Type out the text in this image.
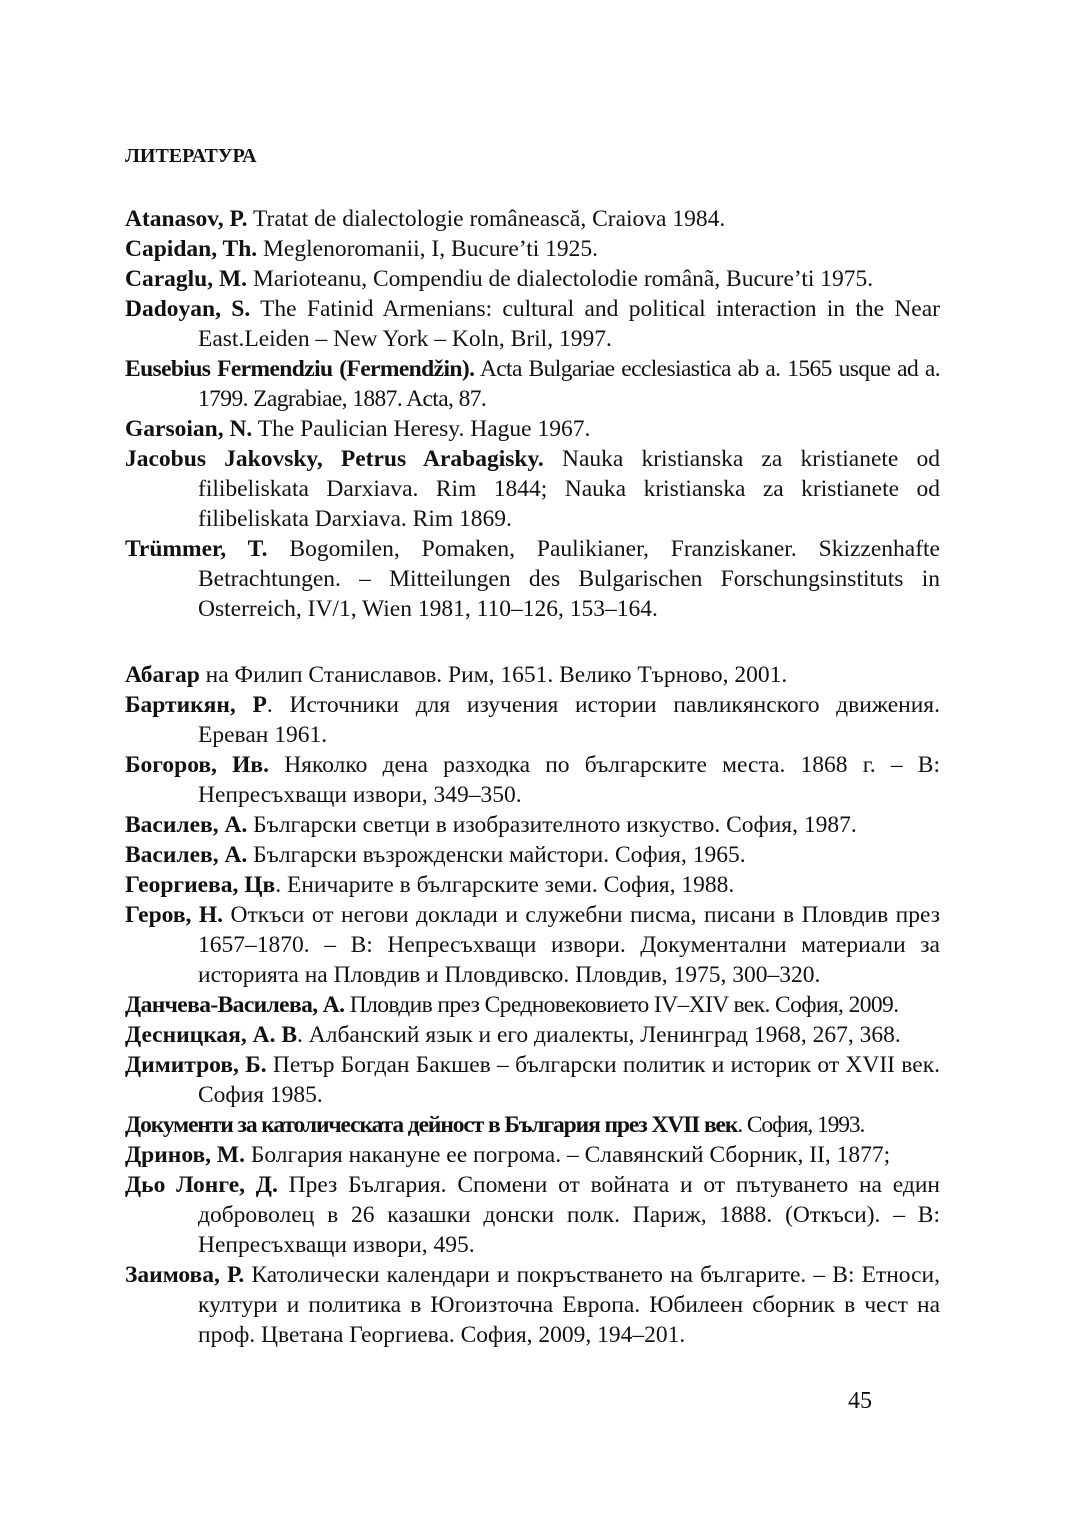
ЛИТЕРАТУРА
Atanasov, P. Tratat de dialectologie românească, Craiova 1984.
Capidan, Th. Meglenoromanii, I, Bucure’ti 1925.
Caraglu, M. Marioteanu, Compendiu de dialectolodie românã, Bucure’ti 1975.
Dadoyan, S. The Fatinid Armenians: cultural and political interaction in the Near East.Leiden – New York – Koln, Bril, 1997.
Eusebius Fermendziu (Fermendžin). Acta Bulgariae ecclesiastica ab a. 1565 usque ad a. 1799. Zagrabiae, 1887. Acta, 87.
Garsoian, N. The Paulician Heresy. Hague 1967.
Jacobus Jakovsky, Petrus Arabagisky. Nauka kristianska za kristianete od filibeliskata Darxiava. Rim 1844; Nauka kristianska za kristianete od filibeliskata Darxiava. Rim 1869.
Trümmer, T. Bogomilen, Pomaken, Paulikianer, Franziskaner. Skizzenhafte Betrachtungen. – Mitteilungen des Bulgarischen Forschungsinstituts in Osterreich, IV/1, Wien 1981, 110–126, 153–164.
Абагар на Филип Станиславов. Рим, 1651. Велико Търново, 2001.
Бартикян, Р. Источники для изучения истории павликянского движения. Ереван 1961.
Богоров, Ив. Няколко дена разходка по българските места. 1868 г. – В: Непресъхващи извори, 349–350.
Василев, А. Български светци в изобразителното изкуство. София, 1987.
Василев, А. Български възрожденски майстори. София, 1965.
Георгиева, Цв. Еничарите в българските земи. София, 1988.
Геров, Н. Откъси от негови доклади и служебни писма, писани в Пловдив през 1657–1870. – В: Непресъхващи извори. Документални материали за историята на Пловдив и Пловдивско. Пловдив, 1975, 300–320.
Данчева-Василева, А. Пловдив през Средновековието IV–XIV век. София, 2009.
Десницкая, А. В. Албанский язык и его диалекты, Ленинград 1968, 267, 368.
Димитров, Б. Петър Богдан Бакшев – български политик и историк от XVII век. София 1985.
Документи за католическата дейност в България през XVII век. София, 1993.
Дринов, М. Болгария накануне ее погрома. – Славянский Сборник, II, 1877;
Дьо Лонге, Д. През България. Спомени от войната и от пътуването на един доброволец в 26 казашки донски полк. Париж, 1888. (Откъси). – В: Непресъхващи извори, 495.
Заимова, Р. Католически календари и покръстването на българите. – В: Етноси, култури и политика в Югоизточна Европа. Юбилеен сборник в чест на проф. Цветана Георгиева. София, 2009, 194–201.
45
